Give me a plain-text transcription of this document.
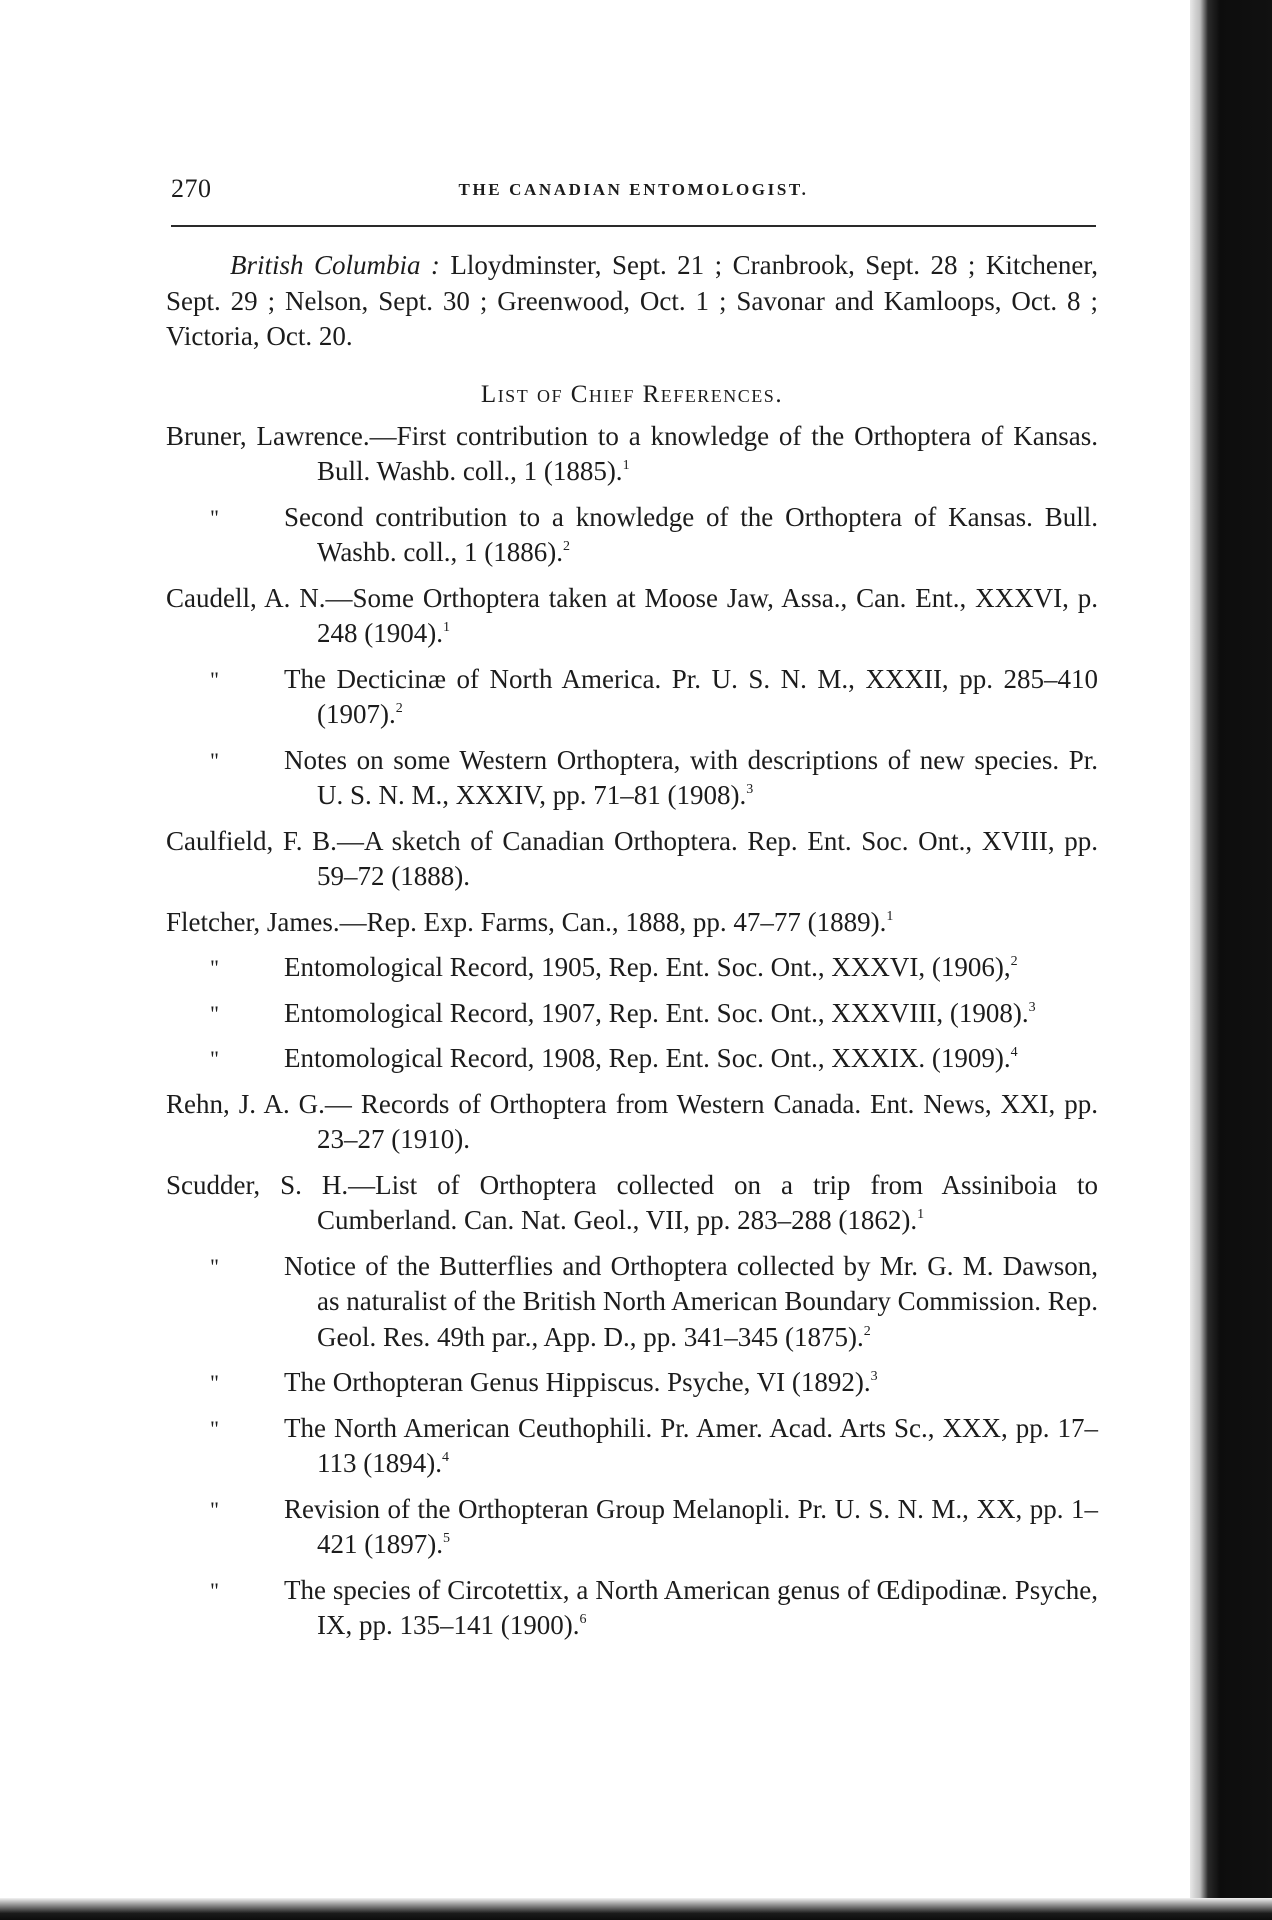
270	THE CANADIAN ENTOMOLOGIST.

British Columbia : Lloydminster, Sept. 21 ; Cranbrook, Sept. 28 ; Kitchener, Sept. 29 ; Nelson, Sept. 30 ; Greenwood, Oct. 1 ; Savonar and Kamloops, Oct. 8 ; Victoria, Oct. 20.

List of Chief References.
Bruner, Lawrence.—First contribution to a knowledge of the Orthoptera of Kansas. Bull. Washb. coll., 1 (1885).$^1$
" Second contribution to a knowledge of the Orthoptera of Kansas. Bull. Washb. coll., 1 (1886).$^2$
Caudell, A. N.—Some Orthoptera taken at Moose Jaw, Assa., Can. Ent., XXXVI, p. 248 (1904).$^1$
" The Decticinæ of North America. Pr. U. S. N. M., XXXII, pp. 285–410 (1907).$^2$
" Notes on some Western Orthoptera, with descriptions of new species. Pr. U. S. N. M., XXXIV, pp. 71–81 (1908).$^3$
Caulfield, F. B.—A sketch of Canadian Orthoptera. Rep. Ent. Soc. Ont., XVIII, pp. 59–72 (1888).
Fletcher, James.—Rep. Exp. Farms, Can., 1888, pp. 47–77 (1889).$^1$
" Entomological Record, 1905, Rep. Ent. Soc. Ont., XXXVI, (1906),$^2$
" Entomological Record, 1907, Rep. Ent. Soc. Ont., XXXVIII, (1908).$^3$
" Entomological Record, 1908, Rep. Ent. Soc. Ont., XXXIX. (1909).$^4$
Rehn, J. A. G.— Records of Orthoptera from Western Canada. Ent. News, XXI, pp. 23–27 (1910).
Scudder, S. H.—List of Orthoptera collected on a trip from Assiniboia to Cumberland. Can. Nat. Geol., VII, pp. 283–288 (1862).$^1$
" Notice of the Butterflies and Orthoptera collected by Mr. G. M. Dawson, as naturalist of the British North American Boundary Commission. Rep. Geol. Res. 49th par., App. D., pp. 341–345 (1875).$^2$
" The Orthopteran Genus Hippiscus. Psyche, VI (1892).$^3$
" The North American Ceuthophili. Pr. Amer. Acad. Arts Sc., XXX, pp. 17–113 (1894).$^4$
" Revision of the Orthopteran Group Melanopli. Pr. U. S. N. M., XX, pp. 1–421 (1897).$^5$
" The species of Circotettix, a North American genus of Œdipodinæ. Psyche, IX, pp. 135–141 (1900).$^6$
